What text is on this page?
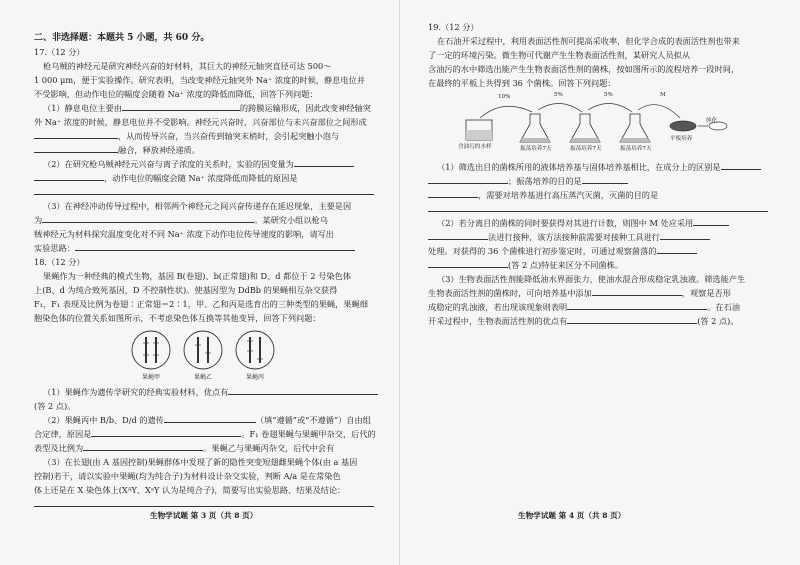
二、非选择题：本题共 5 小题，共 60 分。

17.（12 分）

枪乌贼的神经元是研究神经兴奋的好材料，其巨大的神经元轴突直径可达 500～

1 000 μm，便于实验操作。研究表明，当改变神经元轴突外 Na⁺ 浓度的时候，静息电位并

不受影响，但动作电位的幅度会随着 Na⁺ 浓度的降低而降低，回答下列问题：

（1）静息电位主要由	的跨膜运输形成，因此改变神经轴突

外 Na⁺ 浓度的时候，静息电位并不受影响。神经元兴奋时，兴奋部位与未兴奋部位之间形成

，从而传导兴奋，当兴奋传到轴突末梢时，会引起突触小泡与

融合，释放神经递质。

（2）在研究枪乌贼神经元兴奋与离子浓度的关系时，实验的因变量为

，动作电位的幅度会随 Na⁺ 浓度降低而降低的原因是

（3）在神经冲动传导过程中，相邻两个神经元之间兴奋传递存在延迟现象，主要是因

为	。某研究小组以枪乌

贼神经元为材料探究温度变化对不同 Na⁺ 浓度下动作电位传导速度的影响，请写出

实验思路：

18.（12 分）

果蝇作为一种经典的模式生物，基因 B(卷翅)、b(正常翅)和 D、d 都位于 2 号染色体

上(B、d 为纯合致死基因，D 不控制性状)。使基因型为 DdBb 的果蝇相互杂交获得

F₁，F₁ 表现及比例为卷翅∶正常翅＝2∶1，甲、乙和丙是选育出的三种类型的果蝇，果蝇细

胞染色体的位置关系如图所示，不考虑染色体互换等其他变异，回答下列问题：

果蝇甲	果蝇乙	果蝇丙

（1）果蝇作为遗传学研究的经典实验材料，优点有

(答 2 点)。

（2）果蝇丙中 B/b、D/d 的遗传	（填“遵循”或“不遵循”）自由组

合定律，原因是	。F₁ 卷翅果蝇与果蝇甲杂交，后代的

表型及比例为	。果蝇乙与果蝇丙杂交，后代中会有

（3）在长翅(由 A 基因控制)果蝇群体中发现了新的隐性突变短翅雌果蝇个体(由 a 基因

控制)若干，请以实验中果蝇(均为纯合子)为材料设计杂交实验，判断 A/a 是在常染色

体上还是在 X 染色体上(XᴬY、XᵃY 认为是纯合子)，简要写出实验思路、结果及结论：

生物学试题 第 3 页（共 8 页）

19.（12 分）

在石油开采过程中，利用表面活性剂可提高采收率，但化学合成的表面活性剂也带来

了一定的环境污染。微生物可代谢产生生物表面活性剂，某研究人员拟从

含油污的水中筛选出能产生生物表面活性剂的菌株，按如图所示的流程培养一段时间，

在最终的平板上共得到 36 个菌株。回答下列问题：

含油污的水样	振荡培养7天	振荡培养7天	振荡培养7天
平板培养
纯化
10%	5%	5%	M

（1）筛选出目的菌株所用的液体培养基与固体培养基相比，在成分上的区别是

；振荡培养的目的是

，需要对培养基进行高压蒸汽灭菌，灭菌的目的是

（2）若分离目的菌株的同时要获得对其进行计数，则图中 M 处应采用

法进行接种，该方法接种前需要对接种工具进行

处理。对获得的 36 个菌株进行初步鉴定时，可通过观察菌落的

(答 2 点)特征来区分不同菌株。

（3）生物表面活性剂能降低油水界面张力，使油水混合形成稳定乳浊液。筛选能产生

生物表面活性剂的菌株时，可向培养基中添加	，观察是否形

成稳定的乳浊液，若出现该现象则表明	。在石油

开采过程中，生物表面活性剂的优点有	(答 2 点)。

生物学试题 第 4 页（共 8 页）
